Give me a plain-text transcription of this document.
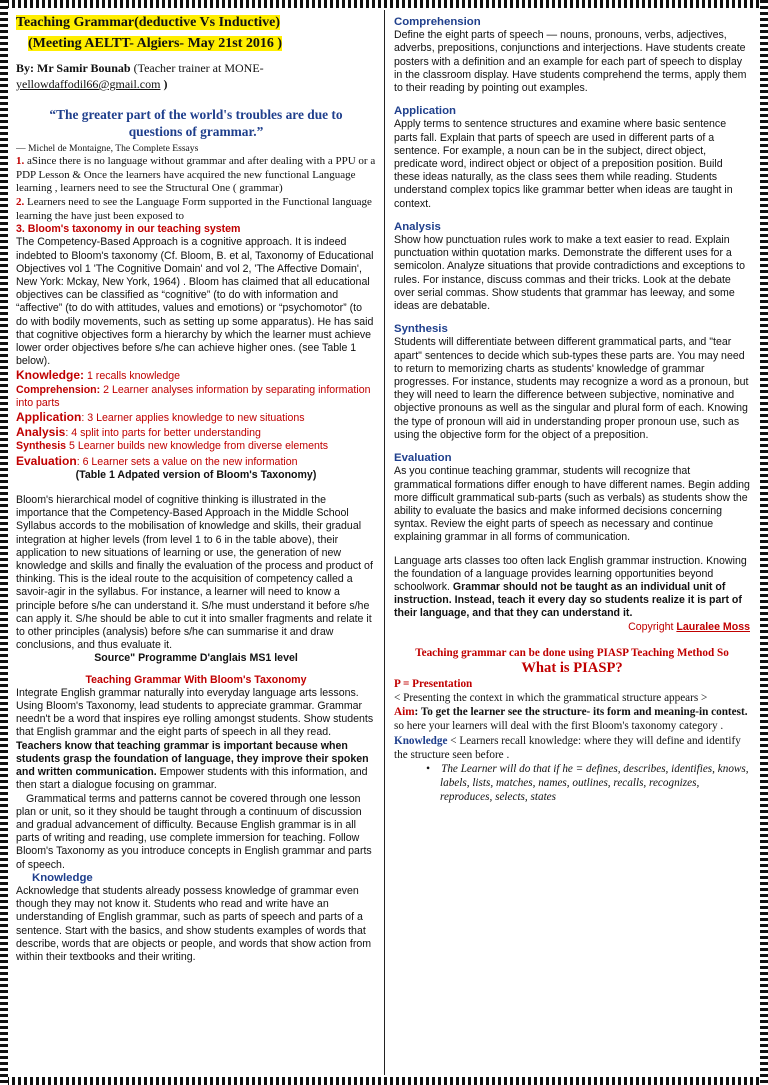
Teaching Grammar(deductive Vs Inductive)
(Meeting AELTT- Algiers- May 21st 2016 )
By: Mr Samir Bounab (Teacher trainer at MONE-
yellowdaffodil66@gmail.com )
“The greater part of the world's troubles are due to questions of grammar.”
— Michel de Montaigne, The Complete Essays
1. aSince there is no language without grammar and after dealing with a PPU or a PDP Lesson & Once the learners have acquired the new functional Language learning , learners need to see the Structural One ( grammar)
2. Learners need to see the Language Form supported in the Functional language learning the have just been exposed to
3. Bloom's taxonomy in our teaching system

The Competency-Based Approach is a cognitive approach. It is indeed indebted to Bloom's taxonomy (Cf. Bloom, B. et al, Taxonomy of Educational Objectives vol 1 'The Cognitive Domain' and vol 2, 'The Affective Domain', New York: Mckay, New York, 1964) . Bloom has claimed that all educational objectives can be classified as “cognitive” (to do with information and “affective” (to do with attitudes, values and emotions) or “psychomotor” (to do with bodily movements, such as setting up some apparatus). He has said that cognitive objectives form a hierarchy by which the learner must achieve lower order objectives before s/he can achieve higher ones. (see Table 1 below).

Knowledge: 1 recalls knowledge
Comprehension: 2 Learner analyses information by separating information into parts
Application: 3 Learner applies knowledge to new situations
Analysis: 4 split into parts for better understanding
Synthesis 5 Learner builds new knowledge from diverse elements
Evaluation: 6 Learner sets a value on the new information
(Table 1 Adpated version of Bloom's Taxonomy)

Bloom's hierarchical model of cognitive thinking is illustrated in the importance that the Competency-Based Approach in the Middle School Syllabus accords to the mobilisation of knowledge and skills, their gradual integration at higher levels (from level 1 to 6 in the table above), their application to new situations of learning or use, the generation of new knowledge and skills and finally the evaluation of the process and product of thinking. This is the ideal route to the acquisition of competency called a savoir-agir in the syllabus. For instance, a learner will need to know a principle before s/he can understand it. S/he must understand it before s/he can apply it. S/he should be able to cut it into smaller fragments and relate it to other principles (analysis) before s/he can summarise it and draw conclusions, and thus evaluate it.

Source" Programme D'anglais MS1 level
Teaching Grammar With Bloom's Taxonomy

Integrate English grammar naturally into everyday language arts lessons. Using Bloom's Taxonomy, lead students to appreciate grammar. Grammar needn't be a word that inspires eye rolling amongst students. Show students that English grammar and the eight parts of speech in all they read. Teachers know that teaching grammar is important because when students grasp the foundation of language, they improve their spoken and written communication. Empower students with this information, and then start a dialogue focusing on grammar.

Grammatical terms and patterns cannot be covered through one lesson plan or unit, so it they should be taught through a continuum of discussion and gradual advancement of difficulty. Because English grammar is in all parts of writing and reading, use complete immersion for teaching. Follow Bloom's Taxonomy as you introduce concepts in English grammar and parts of speech.

Knowledge

Acknowledge that students already possess knowledge of grammar even though they may not know it. Students who read and write have an understanding of English grammar, such as parts of speech and parts of a sentence. Start with the basics, and show students examples of words that describe, words that are objects or people, and words that show action from within their textbooks and their writing.

Comprehension

Define the eight parts of speech — nouns, pronouns, verbs, adjectives, adverbs, prepositions, conjunctions and interjections. Have students create posters with a definition and an example for each part of speech to display in the classroom display. Have students comprehend the terms, apply them to their reading by pointing out examples.

Application

Apply terms to sentence structures and examine where basic sentence parts fall. Explain that parts of speech are used in different parts of a sentence. For example, a noun can be in the subject, direct object, predicate word, indirect object or object of a preposition position. Build these ideas naturally, as the class sees them while reading. Students understand complex topics like grammar better when ideas are taught in context.

Analysis

Show how punctuation rules work to make a text easier to read. Explain punctuation within quotation marks. Demonstrate the different uses for a semicolon. Analyze situations that provide contradictions and exceptions to rules. For instance, discuss commas and their tricks. Look at the debate over serial commas. Show students that grammar has leeway, and some ideas are debatable.

Synthesis

Students will differentiate between different grammatical parts, and "tear apart" sentences to decide which sub-types these parts are. You may need to return to memorizing charts as students' knowledge of grammar progresses. For instance, students may recognize a word as a pronoun, but they will need to learn the difference between subjective, nominative and objective pronouns as well as the singular and plural form of each. Knowing the type of pronoun will aid in understanding proper pronoun use, such as using the objective form for the object of a preposition.

Evaluation

As you continue teaching grammar, students will recognize that grammatical formations differ enough to have different names. Begin adding more difficult grammatical sub-parts (such as verbals) as students show the ability to evaluate the basics and make informed decisions concerning syntax. Review the eight parts of speech as necessary and continue explaining grammar in all forms of communication.

Language arts classes too often lack English grammar instruction. Knowing the foundation of a language provides learning opportunities beyond schoolwork. Grammar should not be taught as an individual unit of instruction. Instead, teach it every day so students realize it is part of their language, and that they can understand it.

Copyright Lauralee Moss
Teaching grammar can be done using PIASP Teaching Method So
What is PIASP?
P = Presentation
< Presenting the context in which the grammatical structure appears >
Aim: To get the learner see the structure- its form and meaning-in contest.
so here your learners will deal with the first Bloom's taxonomy category .
Knowledge < Learners recall knowledge: where they will define and identify the structure seen before .
•    The Learner will do that if he = defines, describes, identifies, knows, labels, lists, matches, names, outlines, recalls, recognizes, reproduces, selects, states
